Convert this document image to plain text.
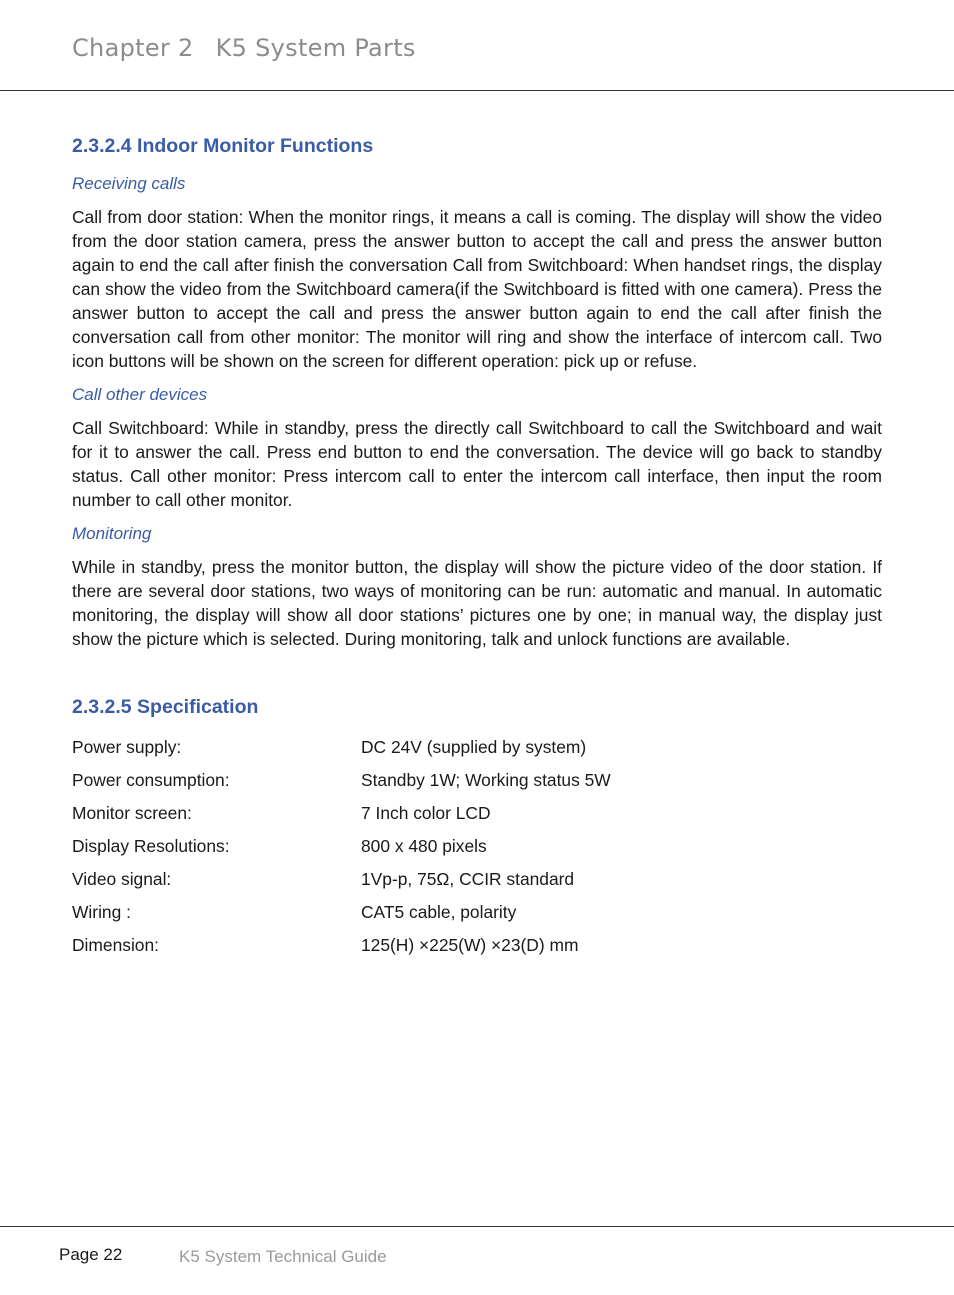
Chapter 2 K5 System Parts
2.3.2.4 Indoor Monitor Functions
Receiving calls

Call from door station: When the monitor rings, it means a call is coming. The display will show the video from the door station camera, press the answer button to accept the call and press the answer button again to end the call after finish the conversation Call from Switchboard: When handset rings, the display can show the video from the Switchboard camera(if the Switchboard is fitted with one camera). Press the answer button to accept the call and press the answer button again to end the call after finish the conversation call from other monitor: The monitor will ring and show the interface of intercom call. Two icon buttons will be shown on the screen for different operation: pick up or refuse.

Call other devices

Call Switchboard: While in standby, press the directly call Switchboard to call the Switchboard and wait for it to answer the call. Press end button to end the conversation. The device will go back to standby status. Call other monitor: Press intercom call to enter the intercom call interface, then input the room number to call other monitor.

Monitoring

While in standby, press the monitor button, the display will show the picture video of the door station. If there are several door stations, two ways of monitoring can be run: automatic and manual. In automatic monitoring, the display will show all door stations’ pictures one by one; in manual way, the display just show the picture which is selected. During monitoring, talk and unlock functions are available.

2.3.2.5 Specification
Power supply:	DC 24V (supplied by system)
Power consumption:	Standby 1W; Working status 5W
Monitor screen:	7 Inch color LCD
Display Resolutions:	800 x 480 pixels
Video signal:	1Vp-p, 75Ω, CCIR standard
Wiring :	CAT5 cable, polarity
Dimension:	125(H) ×225(W) ×23(D) mm
Page 22	K5 System Technical Guide
